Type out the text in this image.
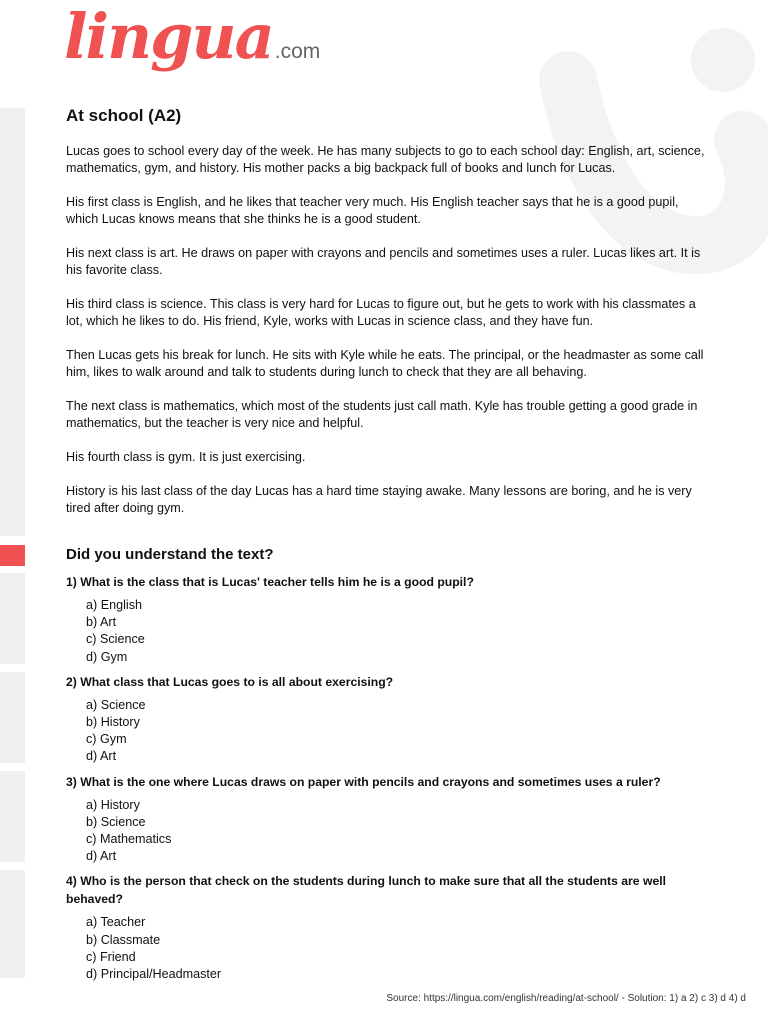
lingua.com
At school (A2)

Lucas goes to school every day of the week. He has many subjects to go to each school day: English, art, science, mathematics, gym, and history. His mother packs a big backpack full of books and lunch for Lucas.

His first class is English, and he likes that teacher very much. His English teacher says that he is a good pupil, which Lucas knows means that she thinks he is a good student.

His next class is art. He draws on paper with crayons and pencils and sometimes uses a ruler. Lucas likes art. It is his favorite class.

His third class is science. This class is very hard for Lucas to figure out, but he gets to work with his classmates a lot, which he likes to do. His friend, Kyle, works with Lucas in science class, and they have fun.

Then Lucas gets his break for lunch. He sits with Kyle while he eats. The principal, or the headmaster as some call him, likes to walk around and talk to students during lunch to check that they are all behaving.

The next class is mathematics, which most of the students just call math. Kyle has trouble getting a good grade in mathematics, but the teacher is very nice and helpful.

His fourth class is gym. It is just exercising.

History is his last class of the day Lucas has a hard time staying awake. Many lessons are boring, and he is very tired after doing gym.

Did you understand the text?

1) What is the class that is Lucas' teacher tells him he is a good pupil?

a) English
b) Art
c) Science
d) Gym

2) What class that Lucas goes to is all about exercising?

a) Science
b) History
c) Gym
d) Art

3) What is the one where Lucas draws on paper with pencils and crayons and sometimes uses a ruler?

a) History
b) Science
c) Mathematics
d) Art

4) Who is the person that check on the students during lunch to make sure that all the students are well behaved?

a) Teacher
b) Classmate
c) Friend
d) Principal/Headmaster
Source: https://lingua.com/english/reading/at-school/ - Solution: 1) a 2) c 3) d 4) d
